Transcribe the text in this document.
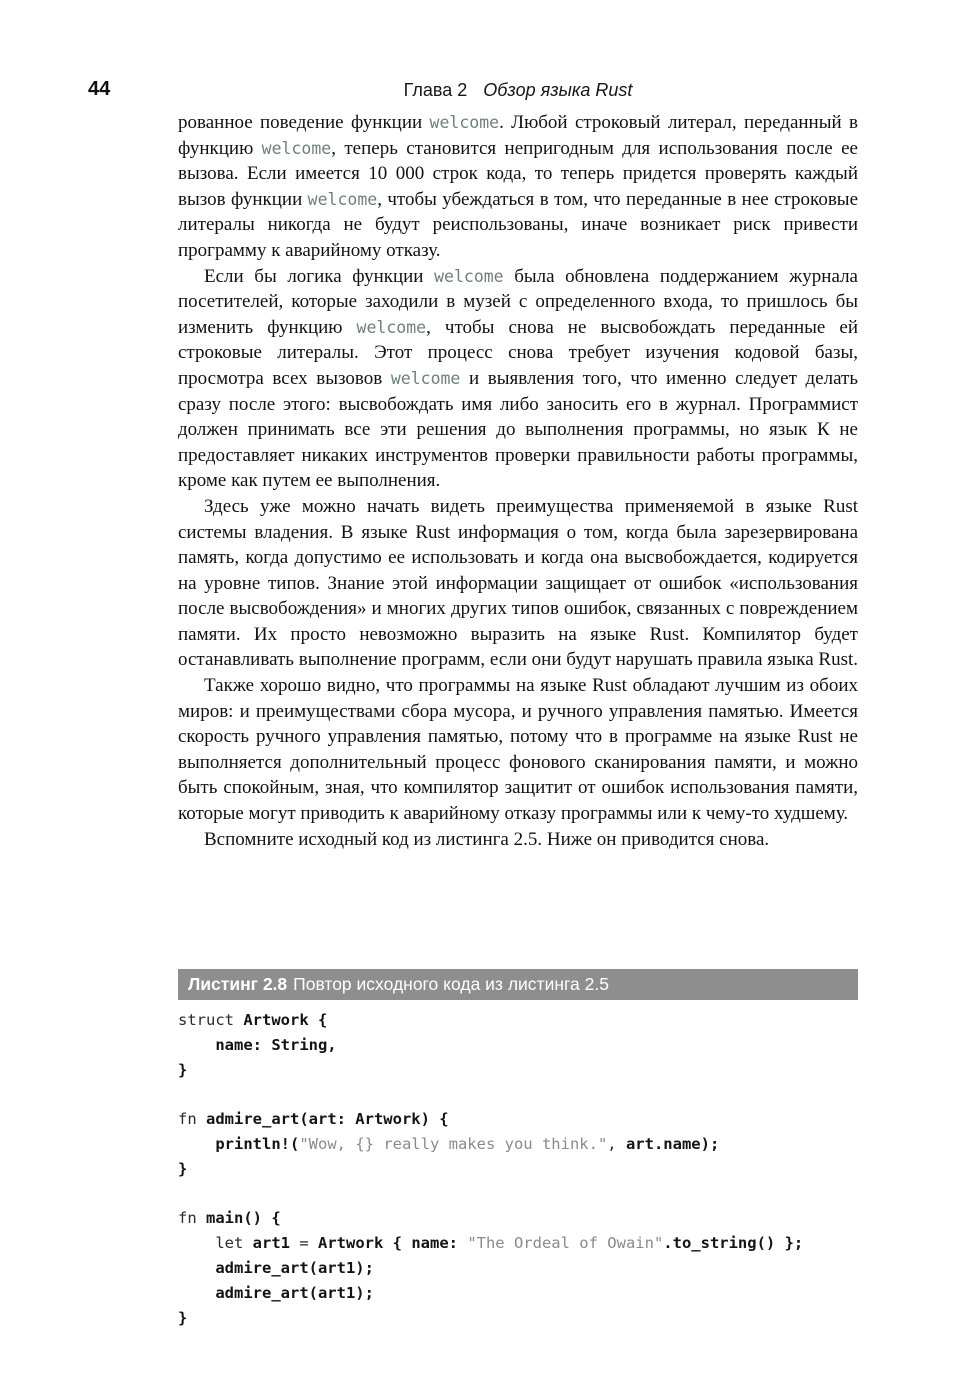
44	Глава 2 Обзор языка Rust

рованное поведение функции welcome. Любой строковый литерал, переданный в функцию welcome, теперь становится непригодным для использования после ее вызова. Если имеется 10 000 строк кода, то теперь придется проверять каждый вызов функции welcome, чтобы убеждаться в том, что переданные в нее строковые литералы никогда не будут реиспользованы, иначе возникает риск привести программу к аварийному отказу.

Если бы логика функции welcome была обновлена поддержанием журнала посетителей, которые заходили в музей с определенного входа, то пришлось бы изменить функцию welcome, чтобы снова не высвобождать переданные ей строковые литералы. Этот процесс снова требует изучения кодовой базы, просмотра всех вызовов welcome и выявления того, что именно следует делать сразу после этого: высвобождать имя либо заносить его в журнал. Программист должен принимать все эти решения до выполнения программы, но язык К не предоставляет никаких инструментов проверки правильности работы программы, кроме как путем ее выполнения.

Здесь уже можно начать видеть преимущества применяемой в языке Rust системы владения. В языке Rust информация о том, когда была зарезервирована память, когда допустимо ее использовать и когда она высвобождается, кодируется на уровне типов. Знание этой информации защищает от ошибок «использования после высвобождения» и многих других типов ошибок, связанных с повреждением памяти. Их просто невозможно выразить на языке Rust. Компилятор будет останавливать выполнение программ, если они будут нарушать правила языка Rust.

Также хорошо видно, что программы на языке Rust обладают лучшим из обоих миров: и преимуществами сбора мусора, и ручного управления памятью. Имеется скорость ручного управления памятью, потому что в программе на языке Rust не выполняется дополнительный процесс фонового сканирования памяти, и можно быть спокойным, зная, что компилятор защитит от ошибок использования памяти, которые могут приводить к аварийному отказу программы или к чему-то худшему.

Вспомните исходный код из листинга 2.5. Ниже он приводится снова.

Листинг 2.8 Повтор исходного кода из листинга 2.5
struct Artwork {
name: String,
}

fn admire_art(art: Artwork) {
println!("Wow, {} really makes you think.", art.name);
}

fn main() {
let art1 = Artwork { name: "The Ordeal of Owain".to_string() };
admire_art(art1);
admire_art(art1);
}
